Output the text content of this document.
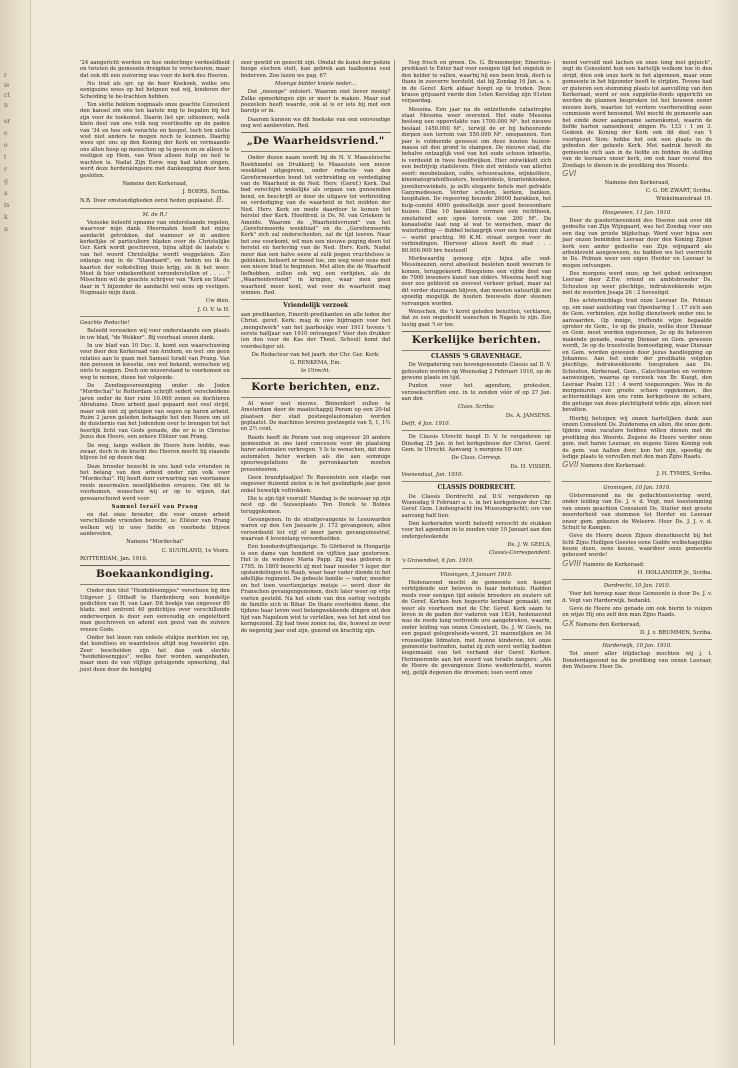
r
ie
ct
n
er
e
o
t
r
g
a
ts
k
n

'24 aangericht werden en hoe onderlinge verdeeldheid en twisten de gemeente dreigden te verscheuren, maar dat ook dit een zuivering was voor de kerk des Heeren.

Nu trad als spr. op de heer Koekoek, welke ons eenigszins wees op het hetgeen wat wij, kinderen der Scheiding te be-trachten hebben.

Ten slotte beklom nogmaals onze geachte Consulent den kansel om ons ten laatste nog te bepalen bij het zijn voor de toekomst. Daarin liet spr. uitkomen, welk klein deel van ons volk nog voortleefde op de paden van '34 en hoe ook verachte en bespot, toch ten slotte wist niet anders te mogen noch te kunnen. Daarbij wees spr. ons op den Koning der Kerk en vermaande ons allen hoop op menschen op te geven en ze alleen te vestigen op Hem, van Wien alleen hulp en heil te wachten is. Nadat Zijn Eerw. nog had laten zingen, werd deze herdenkingsure met dankzegging door hem gesloten.

Namens den Kerkeraad,

J. BOERS, Scriba.

N.B. Door omstandigheden eerst heden geplaatst. B.

M. de R.!

Vezoeke beleefd opname van onderstaande regelen, waarvoor mijn dank. Meermalen heeft het mijne aandacht getrokken, dat wanneer er in andere kerkelijke of particuliere bladen over de Christelijke Ger. Kerk wordt geschreven, bijna altijd de laatste v. van het woord Christelijke wordt weggelaten. Zoo onlangs nog in de "Standaard", en heden nu ik de kaarten der volkstelling thuis krijg, zie ik het weer. Moet ik hier onbekendheid veronderstellen of . . . . ? Misschien wil de geachte schrijver van "Kerk en Staat" daar in 't bijzonder de aandacht wel eens op vestigen. Nogmaals mijn dank.

Uw dien.

J. O. V. te H.

Geachte Redactie!

Beleefd verzoeken wij voor onderstaande een plaats in uw blad, "de Wekker". Bij voorbaat onzen dank.

In uw blad van 10 Dec. ll. komt een waarschuwing voor door den Kerkeraad van Arnhem, en wel: om geen relaties aan te gaan met Samuel Israël van Prang. Van den persoon in kwestie, ons wel bekend, wenschen wij niets te zeggen. Doch om misverstand te voorkomen en weg te nemen, diene het volgende.

De Zendingsvereeniging onder de Joden "Mordechai" te Rotterdam schrijft sedert verscheidene jaren onder de hier ruim 10.000 zonen en dochteren Abrahams. Deze arbeid gaat gepaard met veel strijd, maar ook niet zij getuigen van segen op haren arbeid. Ruim 2 jaren geleden behaagde het den Heere om uit de duisternis van het Jodendom over te brengen tot het heerlijk licht van Gods genade, die er is in Christus Jezus den Heere, een zekere Eliëzer van Prang.

De weg, langs welken de Heere hem leidde, was zwaar, doch in de kracht des Heeren mocht hij staande blijven tot op dezen dag.

Deze broeder bezocht in ons land vele vrienden in het belang van den arbeid onder zijn volk voor "Mordechai". Hij heeft door verwarring van voornamen reeds meermalen moeilijkheden ervaren. Om dit te voorkomen, wenschen wij er op te wijzen, dat gewaarschuwd werd voor:

Samuel Israël van Prang

en dat onze broeder, die voor onzen arbeid verschillende vrienden bezocht, is: Eliëzer van Prang welken wij in uwe liefde en voorbede blijven aanbevelen.

Namens "Mordechai"

C. SUURLAND, 1e Voorz.

ROTTERDAM, Jan. 1910.

Boekaankondiging.

Onder den titel "Heidebloempjes" verscheen bij den Uitgever J. Olthoff te Hardenberg een bundeltje gedichten van H. van Laar. Dit boekje van ongeveer 80 bladz. met omtrent 40 gedichtjes over verschillende onderwerpen is door een eenvoudig en ongeletterd man geschreven en ademt een geest van de zuivere vreeze Gods.

Onder het lezen van enkele stukjes merkten we op, dat kunstloos en waardeloos altijd nog tweeërlei zijn. Zeer bescheiden zijn het dan ook slechts "heideblosempjes", welke hier worden aangeboden, maar men de van vlijtige getuigende opmerking, dat juist deze door de bonigbij

zeer gewild en gezocht zijn. Omdat de kunst der poëzie hooge eischen stelt, kan gebrek aan taalkennis veel bederven. Zoo lazen we pag. 67

Moenge bidder kniele neder…

Dat „meenge" ontsiert. Waarom niet liever menig? Zulke opmerkingen zijn er meer te maken. Maar oud poezelein heeft waarde, ook al is er iets bij met een barstje er in.

Daarom kunnen we dit boekske van een eenvoudige nog wel aanbevelen. Red.

„De Waarheidsvriend."

Onder dezen naam wordt bij de N. V. Maassluische Boekhandel en Drukkerij te Maassluis een nieuw weekblad uitgegeven, onder redactie van den Gereformeerden bond tot verbreiding en verdediging van de Waarheid in de Ned. Herv. (Geref.) Kerk. Dat bad verschijnt wekelijks als orgaan van genoemden bond, en beschrijft er door de uitgave tot verbreiding en verdediging van de waarheid in het midden der Ned. Herv. Kerk en mede daardoor te komen tot herstel dier Kerk. Hoofdred. is Ds. M. van Griekem te Ameide. Waarom de „Waarheidsvriend" van het „Gereformeerde weekblad" en de „Gereformeerde Kerk" zich zal onderscheiden, zal de tijd leeren. Naar het ons voorkomt, wil men een nieuwe poging doen tot herstel en herleving van de Ned. Herv. Kerk. Nadat meer dan een halve eeuw al zulk pogen vruchteloos is gebleken, behoort er moed toe, om weg weer eens met een nieuw blad te beginnen. Met allen die de Waarheid liefhebben, zullen ook wij een verlijden, als de „Waarheidsvriend" in kringen, waar men geen waarheid meer kent, wat voor de waarheid mag winnen. Red.

Vriendelijk verzoek

aan predikanten, Emeriti-predikanten en alle leden der Christ. geref. Kerk: mag ik uwe bijdragen voor het „mengelwerk" van het jaarboekje voor 1911 tevens 't eerste halfjaar van 1910 ontvangen? Voor den drukker (en den voor de Kas der Theol. School) komt dat voordeeliger uit.

De Redacteur van het jaarb. der Chr. Ger. Kerk:

G. RENKEMA, Em.

te Utrecht.

Korte berichten, enz.

Al weer wat nieuws. Binnenkort zullen te Amsterdam door de maatschappij Peram op een 20-tal plaatsen der stad postzegelautomaten worden geplaatst. De machines leveren postzegels van 5, 1, 1½ en 2½ cent.

Reeds heeft de Peram van nog ongeveer 20 andere gemeenten in ons land concessie voor de plaatsing harer automaten verkregen. 't Is te wenschen, dat deze automaten beter werken als die aan sommige spoorwegstations de perronkaarten moeten presenteeren.

Geen brandplaatjes! Te Ravenstein een stadje van ongeveer duizend zielen is in het geslindigde jaar geen enkel huwelijk voltrokken.

Die is zijn tijd vooruit! Mandag is de ooievaar op zijn nest op de Suissoplaats Ten Donck te Bolnes teruggekomen.

Gevangenen. In de strafgevangenis te Leeuwarden waren op den 1en Januarie jl. 172 gevangenen, allen veroordeeld tot vijf of meer jaren gevangenisstraf, waarvan 4 levenslang veroordeelden.

Een honderdvijftienjarige. Te Görbersd in Hongarije is een dame van honderd en vijftien jaar gestorven. Het is de weduwe Maria Papp. Zij was geboren in 1795. In 1809 bezocht zij met haar moeder 't leger der opstandelingen te Raab, waar haar vader diende in het adellijke regiment. De gebeele familie — vader, moeder en het toen veertienjarige meisje — werd door de Franschen gevangengenomen, doch later weer op vrije voeten gesteld. Na het einde van den oorlog vestigde de familie zich in Bihar. De thans overleden dame, die tijdens haar leven veel belangwekkende dingen uit den tijd van Napoleon wist te vertellen, was tot het eind toe kerngezond. Zij had twee zonen na, die, hoewel ze over de negentig jaar oud zijn, gezond en krachtig zijn.

Nog frisch en groen. Ds. G. Brunemeijer, Emeritus-predikant te Enter had voor eenigen tijd het ongeluk in den kelder te vallen, waarbij hij een been brak, doch is thans in zooverre hersteld, dat hij Zondag 16 Jan. a. s. in de Geref. Kerk aldaar hoopt op te treden. Deze krasse grijsaard vierde den 1sten Kerstdag zijn 91sten verjaardag.

Messina. Een jaar na de ontzettende catastrophe staat Messina weer overeind. Het oude Messina besloeg een oppervlakte van 1700.000 M². het nieuwe beslaat 1450.000 M²., terwijl de er bij behoorende dorpen een terrein van 550.000 M². omspannen. Een jaar is voldoende geweest om deze houten huizen-massa uit den grond te stampen. De nieuwe stad, die behalve ontzaglijk veel van het oude schoon inboette, is verdeeld in twee hoofdwijken. Hier ontwikkelt zich een bedrijvig stadsleven. Men ziet winkels van allerlei soort: meubelzaken, cafés, schouwsalons, wijnkelders, kinematografentheaters, boekwinkels, krantenkiosken, juwelierswinkels, ja zelfs elegante hotels met gefrakte Ganymedessen. Verder scholen, kerken, banken, hospitalen. De regeering bouwde 26000 barakken, het hulp-comité 4000 gedeeltelijk zeer goed bewoonbare huizen. Elke 10 barakken vormen een rechthoek, omsluitend een open terrein van 200 M². De kanaalsatie laat nog al wat te wenschen, maar de waterleiding — dubbel belangrijk voor een houten stad — werkt prachtig. 90 K.M. straat zorgen voor de verbindingen. Hiervoor alleen heeft de stad . . . 80.000.000 lire besteed!

Merkwaardig genoeg zijn bijna alle oud-Messineezen, eerst absoluut besloten nooit weerom te komen, teruggekeerd. Hoogstens een vijfde deel van de 7000 inwoners kunst van elders. Messina heeft nog zeer zoo geblocid en zooveel verkeer gehad, maar zal dit verder duurzaam blijven, dan moeten natuurlijk zoo spoedig mogelijk de houten bouwsels door steenen vervangen worden.

Wenschen, die 't koret geleden benutten, verklaren, dat ze een ongedeeld wanschen in Napels te zijn. Zoo lustig gaat 't er toe.

Kerkelijke berichten.
CLASSIS 'S GRAVENHAGE.

De Vergadering van bovengenoemde Classis zal D. V. gehouden worden op Woensdag 2 Februari 1910, op de gewone plaats en tijd.

Punten voor het agendum, protesten, verzoekschriften enz. in te zenden vóór of op 27 Jan. aan den

Class. Scriba:

Ds. A. JANSENS.

Delft, 4 Jan. 1910.

De Classis Utrecht hoopt D. V. te vergaderen op Dinsdag 25 Jan. in het kerkgebouw der Christ. Geref. Gem. te Utrecht. Aanvang 's morgens 10 uur.

De Class. Corresp.

Ds. H. VISSER.

Veenendaal, Jan. 1910.

CLASSIS DORDRECHT.

De Classis Dordrecht zal D.V. vergaderen op Woensdag 9 Februari a. s. in het kerkgebouw der Chr. Geref. Gem. Lindengracht (nu Museumgracht); ure van aanvang half tien.

Den kerkeraden wordt beleefd verzocht de stukken voor het agendum in te zenden vóór 19 Januari aan den ondergeteekende

Ds. J. W. GEELS,

Classis-Correspondent.

's Gravendeel, 6 Jan. 1910.

Vlissingen, 5 Januari 1910.

Hedenavond mocht de gemeente een hoogst verblijdende uur beleven in haar bedehuis. Hadden reeds voor eenigen tijd enkele broeders en zusters uit de Geref. Kerken hun begeerte kenbaar gemaakt, om weer als voorheen met de Chr. Geref. Kerk saam te leven in de paden der vaderen van 1834, hedenavond was de reeds lang verbreide ure aangebroken, waarin, onder leiding van onzen Consulent, Ds. J. W. Geels, na een gepast gelegenheids-woord, 21 mannelijken en 34 vrouwelijke lidmaten, met hunne kinderen, tot onze gemeente toetraden, nadat zij zich eerst wettig hadden losgemaakt van het verband der Geref. Kerken. Herinnerende aan het woord van Israëls zangers: „Als de Heere de gevangenen Sions wederbracht, waren wij, gelijk degenen die droomen; toen werd onze

mond vervuld met lachen en onze tong met gejuich", zegt de Consulent hun een hartelijk welkom toe in den strijd, dien ook onze kerk in het algemeen, maar onze gemeente in het bijzonder heeft te strijden. Tevens had er gisteren een stemming plaats tot aanvulling van den Kerkeraad, werd er een suppletie-fonds opgericht en werden de plannen besproken tot het bouwen eener nieuwe kerk, waartoe tot verdere voorbereiding eene commissie werd benoemd. Wel mocht de gemeente aan het einde dezer aangename samenkomst, waarin de liefde harten samenbond, zingen Ps. 133 : 1 en 3. Gedenk de Koning der Kerk ook dit deel van 't voortgezet Sion; hebbe het ook een plaats in de gebeden der gebeele Kerk. Met nadruk bevolt de gemeente zich aan in de liefde en bidden de stelling van de leeraars onzer kerk, om ook haar vooral des Zondags te dienen in de prediking des Woords.

GVI

Namens den Kerkeraad,

C. G. DE ZWART, Scriba.

Winkelmanstraat 19.

Hoogeveen, 11 Jan. 1910.

Door de goedertierenheid des Heeren ook over dit gedeelte van Zijn Wijngaard, was het Zondag voor ons een dag van groote blijdschap. Werd voor bijna een jaar onzen beminden Leeraar door den Koning Zijner kerk een ander gedeelte van Zijn wijngaard als arbeidsveld aangewezen, nu hadden we het voorrecht in Ds. Polman weer een eigen Herder en Leeraar te mogen ontvangen.

Des morgens werd onze, op het gebed ontvangen Leeraar door Z.Ew. vriend en ambtsbroeder Ds. Schouten op weer plechtige, indrukwekkende wijze met de woorden Jesaja 26 : 2 bevestigd.

Des achtermiddags trad onze Leeraar Ds. Polman op, om naar aanleiding van Openbaring 1 : 17 zich aan de Gem. verbinden, zijn heilig dienstwerk onder ons te aanvaarden. Op innige, treffende wijze bepaalde spreker de Gem., 1e op de plaats, welke door Dienaar en Gem. moet worden ingenomen, 2e op de behoeven makende genade, waarop Dienaar en Gem. geweson wordt, 3e op de troostvolle bemoediging, waar Dienaar en Gem. worden gewezen door Jezus handlegging op Johannes. Aan het einde der predikatie volgden plechtige, indrukwekkende toespraken aan Ds. Schouten, Kerkeraad, Gem., Catechisanten en verdere aanwezigen, waarna op verzoek van Br. Kuegt, den Leeraar Psalm 121 : 4 werd toegezongen. Was in de morgenuren een groote schare opgekomen, des achtermiddags kon ons ruim kerkgebouw de schare, die getuige van deze plechtigheid wilde zijn, alleen niet bevatten.

Hierbij betuigen wij onzen hartelijken dank aan onzen Consulent Ds. Zuiderema en allen, die onze gem. tijdens onze vacature hebben willen dienen met de prediking des Woords. Zegene de Heere verder onze gem. met haren Leeraar, en zegene Sions Koning ook de gem. van Aalten door, kon het zijn, spoedig de ledige plaats te vervullen met den man Zijns Raads.

GVII Namens den Kerkeraad:

J. H. TYMES, Scriba.

Groningen, 10 Jan. 1910.

Gisterenavond na de gedachtenisviering werd, onder leiding van Ds. J. v. d. Vegt, met toestemming van onzen geachten Consulent Ds. Sluiter met groote meerderheid van stemmen tot Herder en Leeraar onzer gem. gekozen de Weleerw. Heer Ds. J. J. v. d. Schuit te Kampen.

Geve de Heere dezen Zijnen dienstknecht bij het licht Zijns Heiligen Geestes eene Godde welbehagelijke keuze doen, eene keuze, waardoor onze gemeente gebouwd worde!

GVIII Namens de Kerkeraad:

H. HOLLANDER Jr., Scriba.

Dordrecht, 10 Jan. 1910.

Voor het beroep naar deze Gemeente is door Ds. J. v. d. Vegt van Harderwijk, bedankt.

Geve de Heere ons genade om ook hierin te vulgen en wijze Hij ons zelf den man Zijns Raads.

GX Namens den Kerkeraad,

D. J. v. BRUMMEN, Scriba.

Harderwijk, 10 Jan. 1910.

Tot onzer aller blijdschap mochten wij j. l. Donderdagavond na de prediking van onzen Leeraar, den Weleerw. Heer Ds.
